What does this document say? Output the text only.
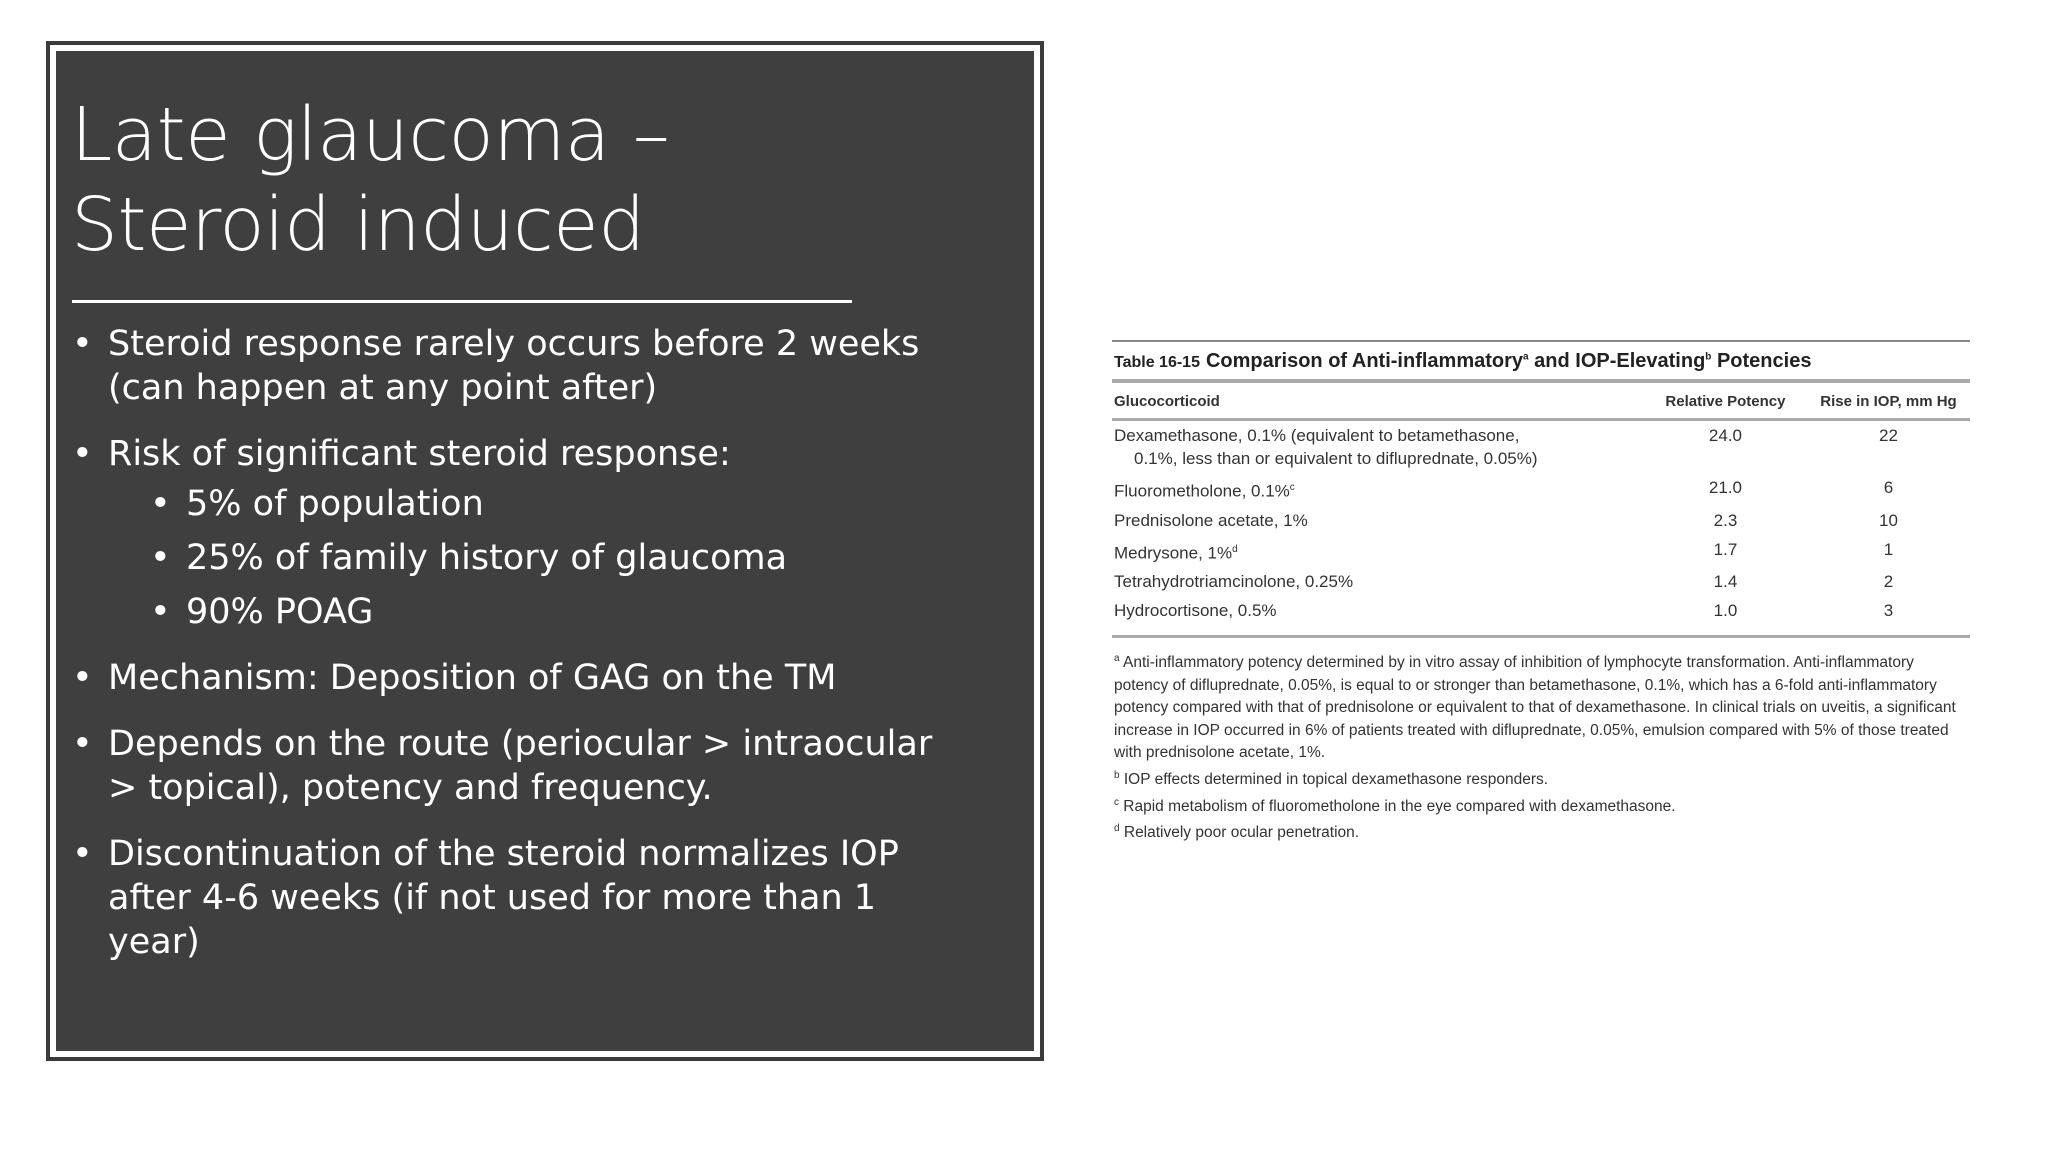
Late glaucoma – Steroid induced
• Steroid response rarely occurs before 2 weeks (can happen at any point after)
• Risk of significant steroid response:
• 5% of population
• 25% of family history of glaucoma
• 90% POAG
• Mechanism: Deposition of GAG on the TM
• Depends on the route (periocular > intraocular > topical), potency and frequency.
• Discontinuation of the steroid normalizes IOP after 4-6 weeks (if not used for more than 1 year)
Table 16-15 Comparison of Anti-inflammatory$^a$ and IOP-Elevating$^b$ Potencies
Glucocorticoid	Relative Potency	Rise in IOP, mm Hg

Dexamethasone, 0.1% (equivalent to betamethasone,
0.1%, less than or equivalent to difluprednate, 0.05%)	24.0	22
Fluorometholone, 0.1%$^c$	21.0	6
Prednisolone acetate, 1%	2.3	10
Medrysone, 1%$^d$	1.7	1
Tetrahydrotriamcinolone, 0.25%	1.4	2
Hydrocortisone, 0.5%	1.0	3

$^a$ Anti-inflammatory potency determined by in vitro assay of inhibition of lymphocyte transformation. Anti-inflammatory potency of difluprednate, 0.05%, is equal to or stronger than betamethasone, 0.1%, which has a 6-fold anti-inflammatory potency compared with that of prednisolone or equivalent to that of dexamethasone. In clinical trials on uveitis, a significant increase in IOP occurred in 6% of patients treated with difluprednate, 0.05%, emulsion compared with 5% of those treated with prednisolone acetate, 1%.

$^b$ IOP effects determined in topical dexamethasone responders.

$^c$ Rapid metabolism of fluorometholone in the eye compared with dexamethasone.

$^d$ Relatively poor ocular penetration.
